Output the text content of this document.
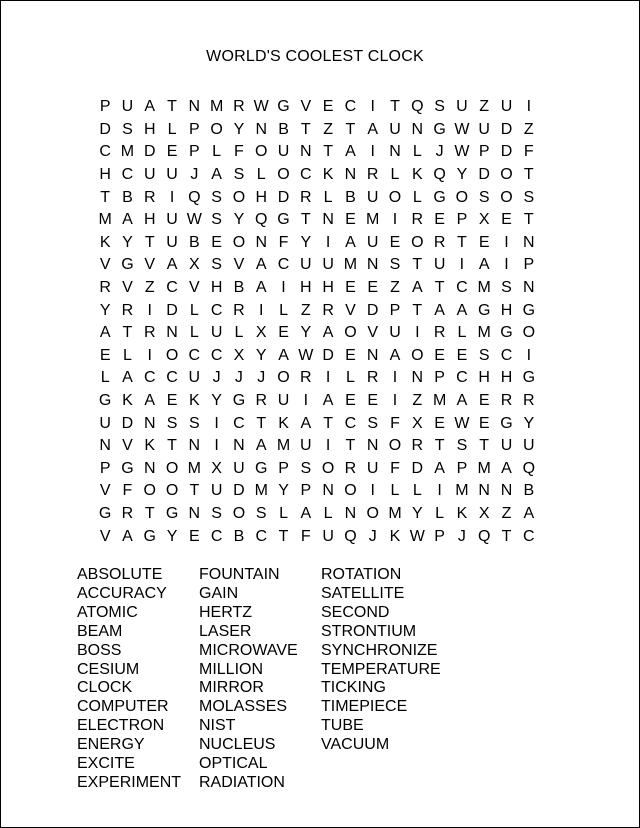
WORLD'S COOLEST CLOCK
P U A T N M R W G V E C I T Q S U Z U I
D S H L P O Y N B T Z T A U N G W U D Z
C M D E P L F O U N T A I N L J W P D F
H C U U J A S L O C K N R L K Q Y D O T
T B R I Q S O H D R L B U O L G O S O S
M A H U W S Y Q G T N E M I R E P X E T
K Y T U B E O N F Y I A U E O R T E I N
V G V A X S V A C U U M N S T U I A I P
R V Z C V H B A I H H E E Z A T C M S N
Y R I D L C R I L Z R V D P T A A G H G
A T R N L U L X E Y A O V U I R L M G O
E L I O C C X Y A W D E N A O E E S C I
L A C C U J J J O R I L R I N P C H H G
G K A E K Y G R U I A E E I Z M A E R R
U D N S S I C T K A T C S F X E W E G Y
N V K T N I N A M U I T N O R T S T U U
P G N O M X U G P S O R U F D A P M A Q
V F O O T U D M Y P N O I L L I M N N B
G R T G N S O S L A L N O M Y L K X Z A
V A G Y E C B C T F U Q J K W P J Q T C
ABSOLUTE
ACCURACY
ATOMIC
BEAM
BOSS
CESIUM
CLOCK
COMPUTER
ELECTRON
ENERGY
EXCITE
EXPERIMENT
FOUNTAIN
GAIN
HERTZ
LASER
MICROWAVE
MILLION
MIRROR
MOLASSES
NIST
NUCLEUS
OPTICAL
RADIATION
ROTATION
SATELLITE
SECOND
STRONTIUM
SYNCHRONIZE
TEMPERATURE
TICKING
TIMEPIECE
TUBE
VACUUM
